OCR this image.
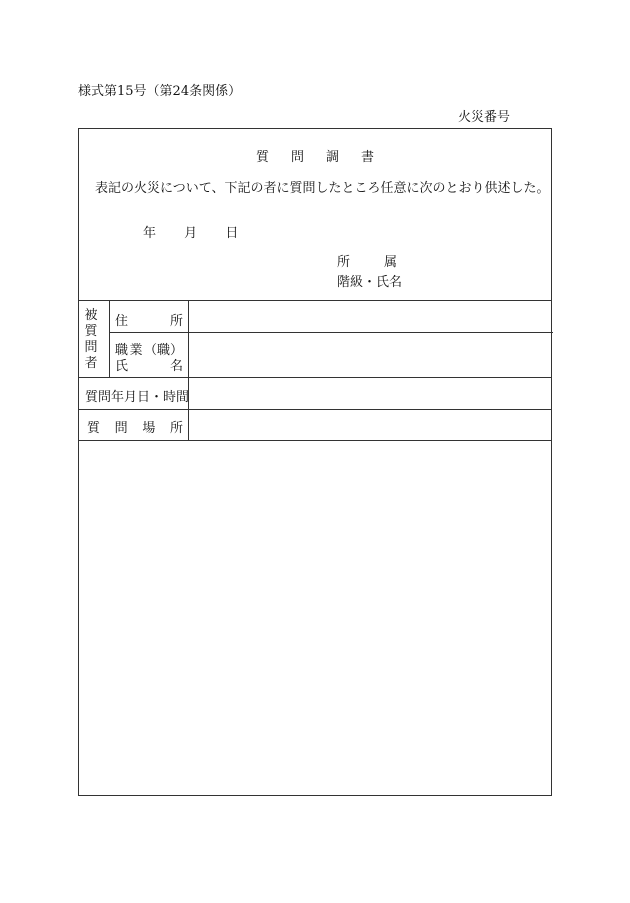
様式第15号（第24条関係）
火災番号
質問調書
表記の火災について、下記の者に質問したところ任意に次のとおり供述した。
年 月 日
所	属
階級・氏名
被
質
問
者
住	所
職 業 （職）
氏	名
質問年月日・時間
質 問 場 所
